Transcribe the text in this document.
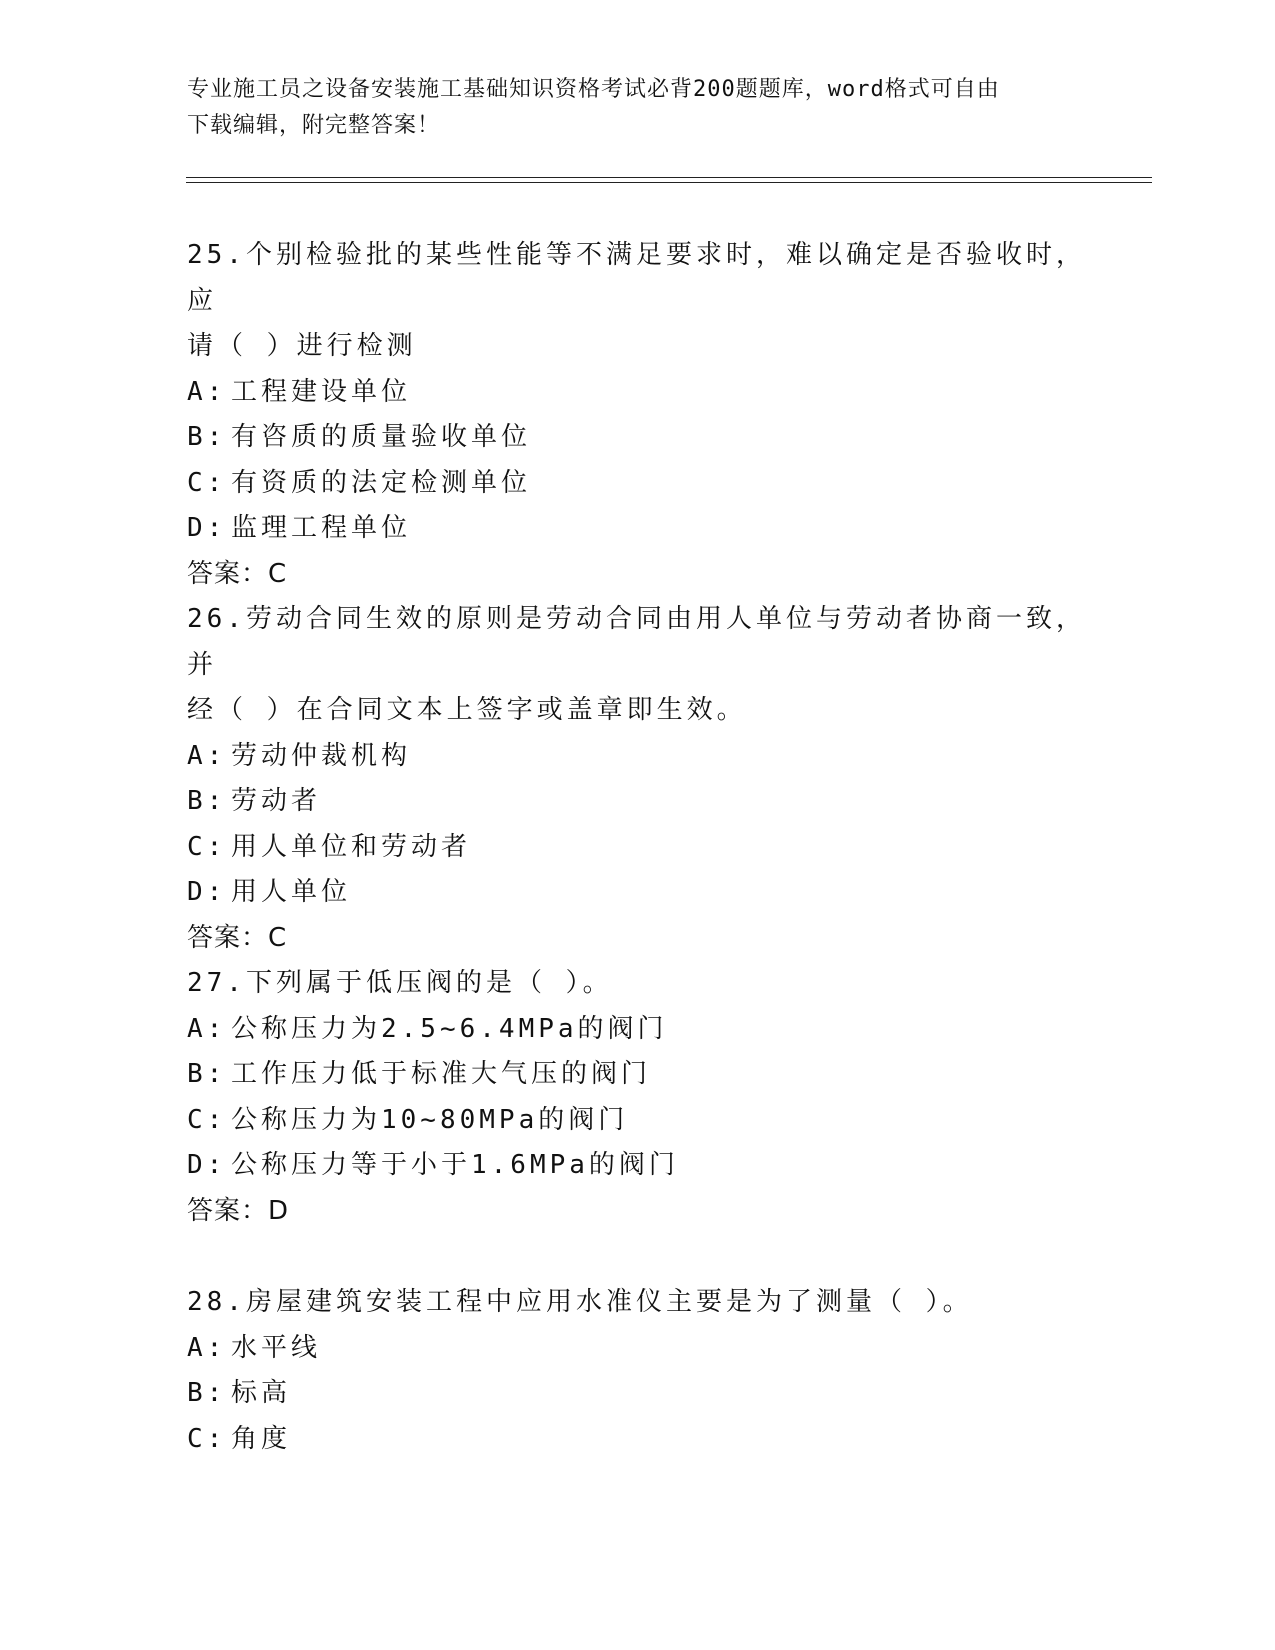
专业施工员之设备安装施工基础知识资格考试必背200题题库，word格式可自由
下载编辑，附完整答案！

25.个别检验批的某些性能等不满足要求时，难以确定是否验收时，应

请（ ）进行检测

A: 工程建设单位

B: 有咨质的质量验收单位

C: 有资质的法定检测单位

D: 监理工程单位

答案：C

26.劳动合同生效的原则是劳动合同由用人单位与劳动者协商一致，并

经（ ）在合同文本上签字或盖章即生效。

A: 劳动仲裁机构

B: 劳动者

C: 用人单位和劳动者

D: 用人单位

答案：C

27.下列属于低压阀的是（ ）。

A: 公称压力为2.5~6.4MPa的阀门

B: 工作压力低于标准大气压的阀门

C: 公称压力为10~80MPa的阀门

D: 公称压力等于小于1.6MPa的阀门

答案：D

28.房屋建筑安装工程中应用水准仪主要是为了测量（ ）。

A: 水平线

B: 标高

C: 角度
